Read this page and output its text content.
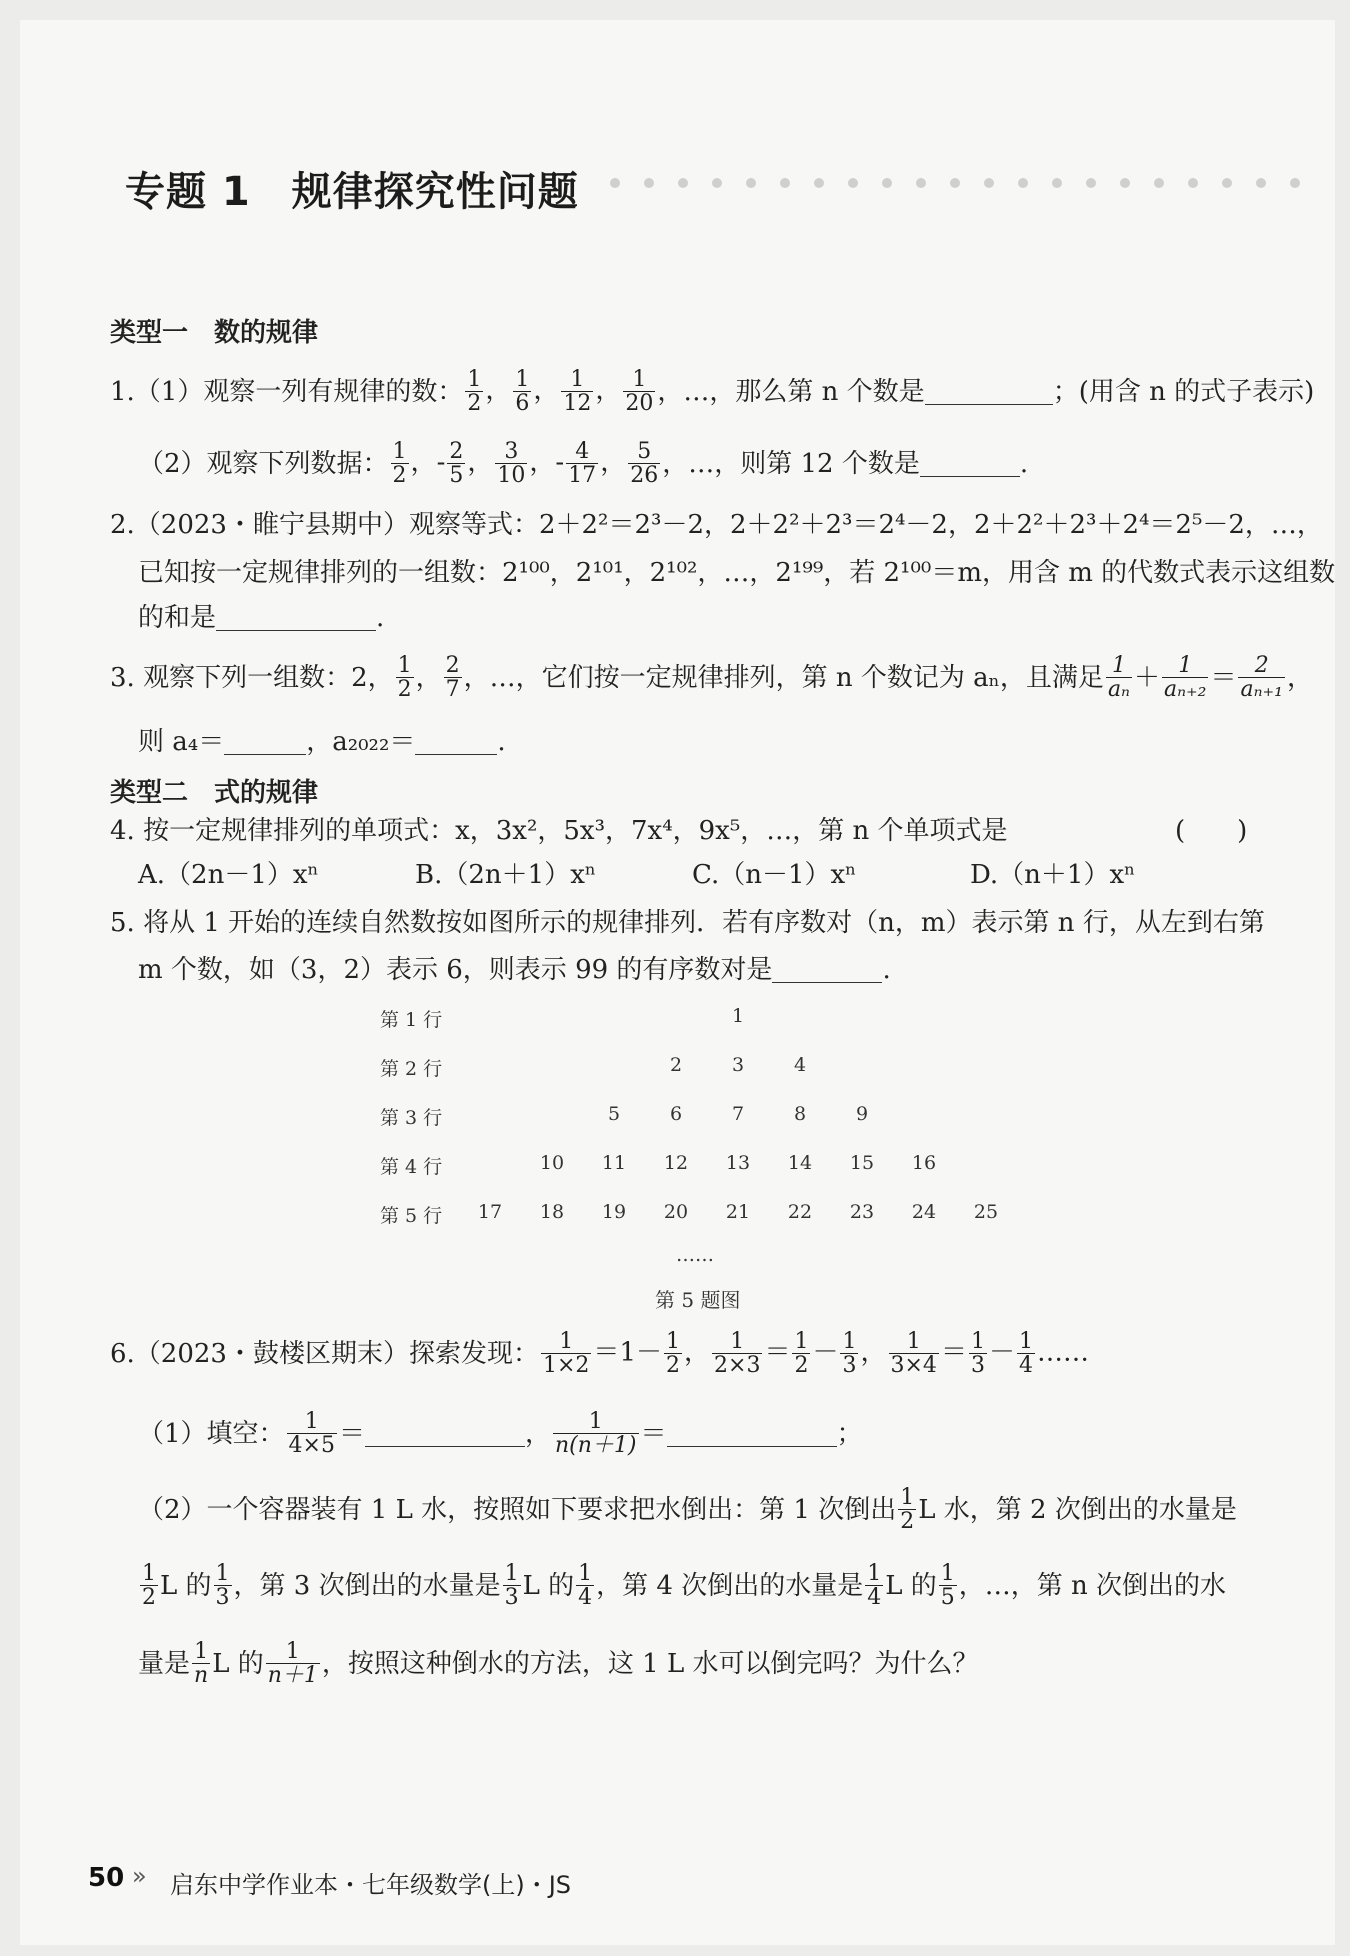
专题 1　规律探究性问题
类型一　数的规律
1.（1）观察一列有规律的数： $\frac{1}{2}$ ， $\frac{1}{6}$ ， $\frac{1}{12}$ ， $\frac{1}{20}$ ，…，那么第 n 个数是	；(用含 n 的式子表示)
（2）观察下列数据： $\frac{1}{2}$ ，- $\frac{2}{5}$ ， $\frac{3}{10}$ ，- $\frac{4}{17}$ ， $\frac{5}{26}$ ，…，则第 12 个数是	.
2.（2023・睢宁县期中）观察等式：2＋2²＝2³－2，2＋2²＋2³＝2⁴－2，2＋2²＋2³＋2⁴＝2⁵－2，…，
已知按一定规律排列的一组数：2¹⁰⁰，2¹⁰¹，2¹⁰²，…，2¹⁹⁹，若 2¹⁰⁰＝m，用含 m 的代数式表示这组数
的和是	.
3. 观察下列一组数：2， $\frac{1}{2}$ ， $\frac{2}{7}$ ，…，它们按一定规律排列，第 n 个数记为 aₙ，且满足 $\frac{1}{\text{aₙ}} + \frac{1}{\text{aₙ₊₂}} = \frac{2}{\text{aₙ₊₁}}$ ，
则 a₄＝	，a₂₀₂₂＝	.
类型二　式的规律
4. 按一定规律排列的单项式：x，3x²，5x³，7x⁴，9x⁵，…，第 n 个单项式是	(　　)
A.（2n－1）xⁿ	B.（2n＋1）xⁿ	C.（n－1）xⁿ	D.（n＋1）xⁿ
5. 将从 1 开始的连续自然数按如图所示的规律排列．若有序数对（n，m）表示第 n 行，从左到右第
m 个数，如（3，2）表示 6，则表示 99 的有序数对是	.
第 1 行	1
第 2 行	2	3	4
第 3 行	5	6	7	8	9
第 4 行	10 11 12 13 14 15 16
第 5 行 17 18 19 20 21 22 23 24 25
……
第 5 题图
6.（2023・鼓楼区期末）探索发现： $\frac{1}{1\times 2} =1- \frac{1}{2}$ ， $\frac{1}{2\times 3} = \frac{1}{2} - \frac{1}{3}$ ， $\frac{1}{3\times 4} = \frac{1}{3} - \frac{1}{4}$ ……
（1）填空： $\frac{1}{4\times 5}$ ＝	， $\frac{1}{n(n+1)}$ ＝	；
（2）一个容器装有 1 L 水，按照如下要求把水倒出：第 1 次倒出 $\frac{1}{2}$ L 水，第 2 次倒出的水量是
$\frac{1}{2}$ L 的 $\frac{1}{3}$ ，第 3 次倒出的水量是 $\frac{1}{3}$ L 的 $\frac{1}{4}$ ，第 4 次倒出的水量是 $\frac{1}{4}$ L 的 $\frac{1}{5}$ ，…，第 n 次倒出的水
量是 $\frac{1}{n}$ L 的 $\frac{1}{n+1}$ ，按照这种倒水的方法，这 1 L 水可以倒完吗？为什么？
50 » 启东中学作业本・七年级数学(上)・JS
